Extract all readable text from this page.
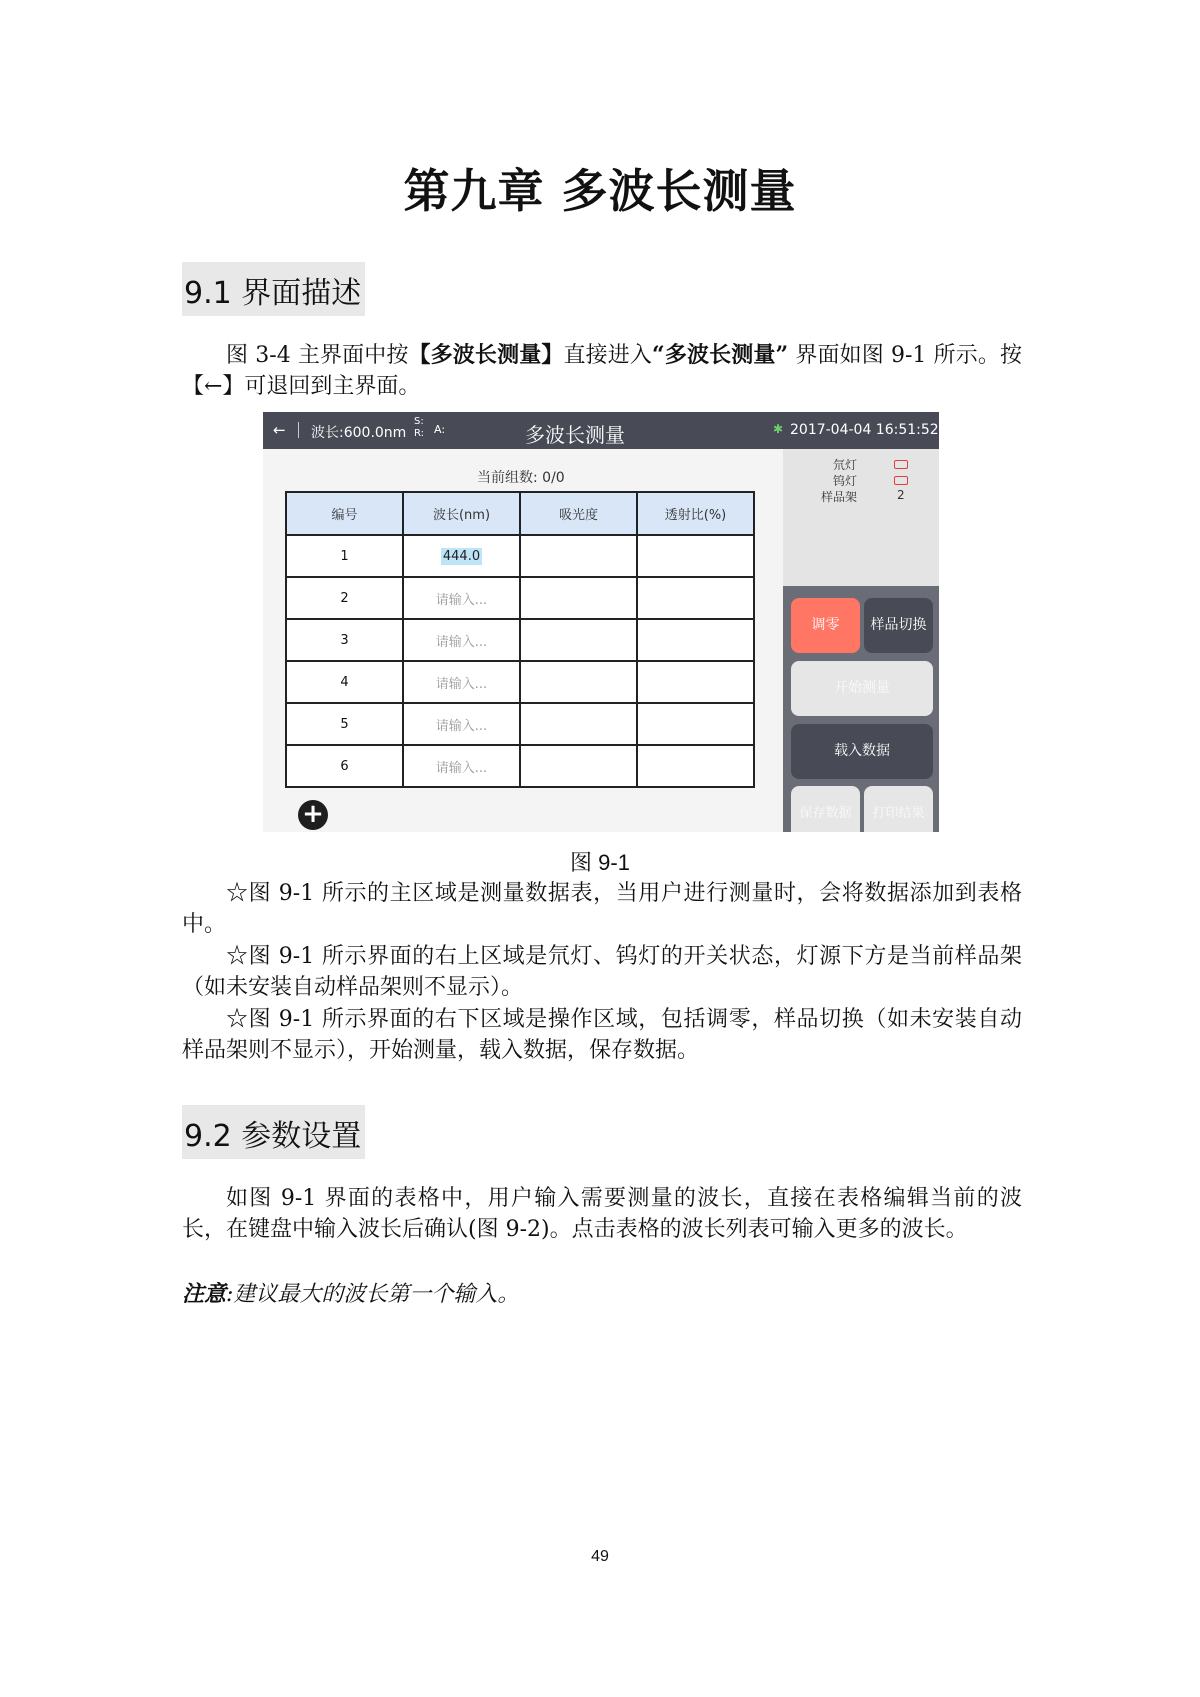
第九章 多波长测量
9.1 界面描述
图 3-4 主界面中按【多波长测量】直接进入“多波长测量” 界面如图 9-1 所示。按【←】可退回到主界面。
← 波长:600.0nm
S:
R: A:	多波长测量	✱ 2017-04-04 16:51:52
当前组数: 0/0
编号	波长(nm)	吸光度	透射比(%)
1	444.0		
2	请输入...		
3	请输入...		
4	请输入...		
5	请输入...		
6	请输入...		
+
氘灯
钨灯
样品架	2
调零	样品切换
开始测量
载入数据
保存数据	打印结果
图 9-1
☆图 9-1 所示的主区域是测量数据表，当用户进行测量时，会将数据添加到表格中。
☆图 9-1 所示界面的右上区域是氘灯、钨灯的开关状态，灯源下方是当前样品架（如未安装自动样品架则不显示）。
☆图 9-1 所示界面的右下区域是操作区域，包括调零，样品切换（如未安装自动样品架则不显示），开始测量，载入数据，保存数据。
9.2 参数设置
如图 9-1 界面的表格中，用户输入需要测量的波长，直接在表格编辑当前的波长，在键盘中输入波长后确认(图 9-2)。点击表格的波长列表可输入更多的波长。
注意:建议最大的波长第一个输入。
49
